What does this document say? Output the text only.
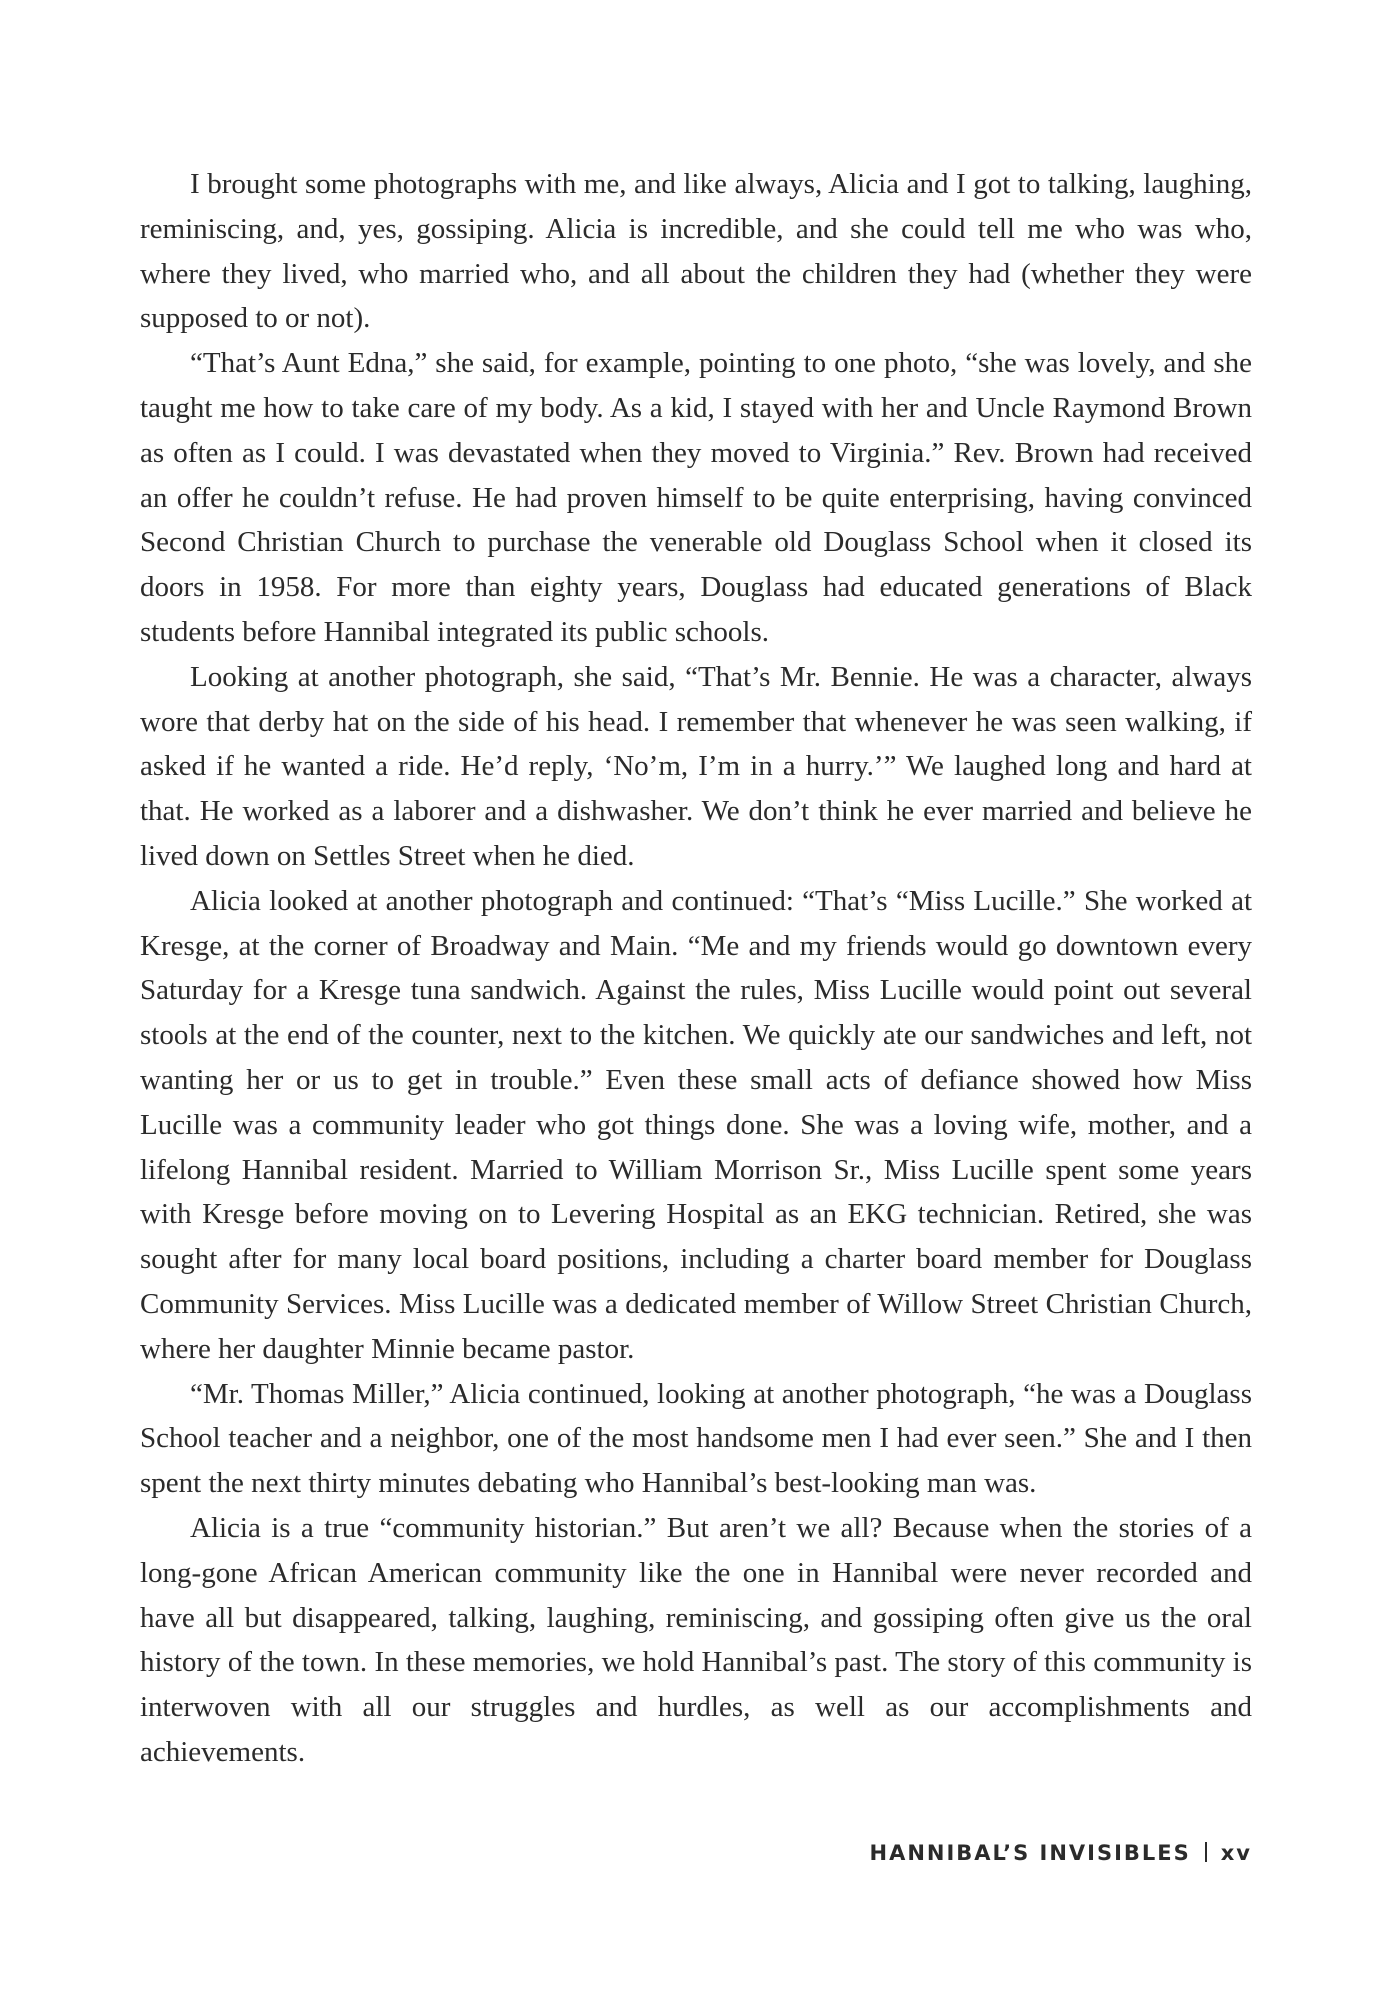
I brought some photographs with me, and like always, Alicia and I got to talking, laughing, reminiscing, and, yes, gossiping. Alicia is incredible, and she could tell me who was who, where they lived, who married who, and all about the children they had (whether they were supposed to or not).

“That’s Aunt Edna,” she said, for example, pointing to one photo, “she was lovely, and she taught me how to take care of my body. As a kid, I stayed with her and Uncle Raymond Brown as often as I could. I was devastated when they moved to Virginia.” Rev. Brown had received an offer he couldn’t refuse. He had proven himself to be quite enterprising, having convinced Second Christian Church to purchase the venerable old Douglass School when it closed its doors in 1958. For more than eighty years, Douglass had educated generations of Black students before Hannibal integrated its public schools.

Looking at another photograph, she said, “That’s Mr. Bennie. He was a character, always wore that derby hat on the side of his head. I remember that whenever he was seen walking, if asked if he wanted a ride. He’d reply, ‘No’m, I’m in a hurry.’” We laughed long and hard at that. He worked as a laborer and a dishwasher. We don’t think he ever married and believe he lived down on Settles Street when he died.

Alicia looked at another photograph and continued: “That’s “Miss Lucille.” She worked at Kresge, at the corner of Broadway and Main. “Me and my friends would go downtown every Saturday for a Kresge tuna sandwich. Against the rules, Miss Lucille would point out several stools at the end of the counter, next to the kitchen. We quickly ate our sandwiches and left, not wanting her or us to get in trouble.” Even these small acts of defiance showed how Miss Lucille was a community leader who got things done. She was a loving wife, mother, and a lifelong Hannibal resident. Married to William Morrison Sr., Miss Lucille spent some years with Kresge before moving on to Levering Hospital as an EKG technician. Retired, she was sought after for many local board positions, including a charter board member for Douglass Community Services. Miss Lucille was a dedicated member of Willow Street Christian Church, where her daughter Minnie became pastor.

“Mr. Thomas Miller,” Alicia continued, looking at another photograph, “he was a Douglass School teacher and a neighbor, one of the most handsome men I had ever seen.” She and I then spent the next thirty minutes debating who Hannibal’s best-looking man was.

Alicia is a true “community historian.” But aren’t we all? Because when the stories of a long-gone African American community like the one in Hannibal were never recorded and have all but disappeared, talking, laughing, reminiscing, and gossiping often give us the oral history of the town. In these memories, we hold Hannibal’s past. The story of this community is interwoven with all our struggles and hurdles, as well as our accomplishments and achievements.

HANNIBAL’S INVISIBLES xv
